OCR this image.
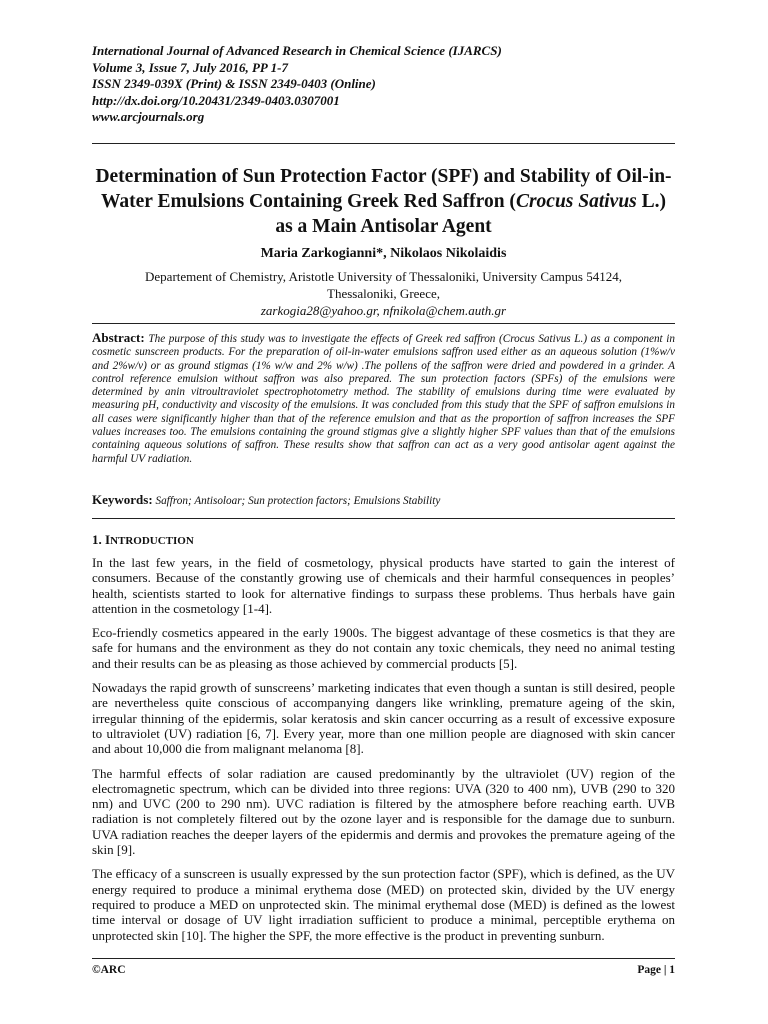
International Journal of Advanced Research in Chemical Science (IJARCS)
Volume 3, Issue 7, July 2016, PP 1-7
ISSN 2349-039X (Print) & ISSN 2349-0403 (Online)
http://dx.doi.org/10.20431/2349-0403.0307001
www.arcjournals.org
Determination of Sun Protection Factor (SPF) and Stability of Oil-in-Water Emulsions Containing Greek Red Saffron (Crocus Sativus L.) as a Main Antisolar Agent
Maria Zarkogianni*, Nikolaos Nikolaidis
Departement of Chemistry, Aristotle University of Thessaloniki, University Campus 54124,
Thessaloniki, Greece,
zarkogia28@yahoo.gr, nfnikola@chem.auth.gr
Abstract: The purpose of this study was to investigate the effects of Greek red saffron (Crocus Sativus L.) as a component in cosmetic sunscreen products. For the preparation of oil-in-water emulsions saffron used either as an aqueous solution (1%w/v and 2%w/v) or as ground stigmas (1% w/w and 2% w/w) .The pollens of the saffron were dried and powdered in a grinder. A control reference emulsion without saffron was also prepared. The sun protection factors (SPFs) of the emulsions were determined by anin vitroultraviolet spectrophotometry method. The stability of emulsions during time were evaluated by measuring pH, conductivity and viscosity of the emulsions. It was concluded from this study that the SPF of saffron emulsions in all cases were significantly higher than that of the reference emulsion and that as the proportion of saffron increases the SPF values increases too. The emulsions containing the ground stigmas give a slightly higher SPF values than that of the emulsions containing aqueous solutions of saffron. These results show that saffron can act as a very good antisolar agent against the harmful UV radiation.
Keywords: Saffron; Antisoloar; Sun protection factors; Emulsions Stability
1. INTRODUCTION

In the last few years, in the field of cosmetology, physical products have started to gain the interest of consumers. Because of the constantly growing use of chemicals and their harmful consequences in peoples’ health, scientists started to look for alternative findings to surpass these problems. Thus herbals have gain attention in the cosmetology [1-4].

Eco-friendly cosmetics appeared in the early 1900s. The biggest advantage of these cosmetics is that they are safe for humans and the environment as they do not contain any toxic chemicals, they need no animal testing and their results can be as pleasing as those achieved by commercial products [5].

Nowadays the rapid growth of sunscreens’ marketing indicates that even though a suntan is still desired, people are nevertheless quite conscious of accompanying dangers like wrinkling, premature ageing of the skin, irregular thinning of the epidermis, solar keratosis and skin cancer occurring as a result of excessive exposure to ultraviolet (UV) radiation [6, 7]. Every year, more than one million people are diagnosed with skin cancer and about 10,000 die from malignant melanoma [8].

The harmful effects of solar radiation are caused predominantly by the ultraviolet (UV) region of the electromagnetic spectrum, which can be divided into three regions: UVA (320 to 400 nm), UVB (290 to 320 nm) and UVC (200 to 290 nm). UVC radiation is filtered by the atmosphere before reaching earth. UVB radiation is not completely filtered out by the ozone layer and is responsible for the damage due to sunburn. UVA radiation reaches the deeper layers of the epidermis and dermis and provokes the premature ageing of the skin [9].

The efficacy of a sunscreen is usually expressed by the sun protection factor (SPF), which is defined, as the UV energy required to produce a minimal erythema dose (MED) on protected skin, divided by the UV energy required to produce a MED on unprotected skin. The minimal erythemal dose (MED) is defined as the lowest time interval or dosage of UV light irradiation sufficient to produce a minimal, perceptible erythema on unprotected skin [10]. The higher the SPF, the more effective is the product in preventing sunburn.

©ARC	Page | 1
